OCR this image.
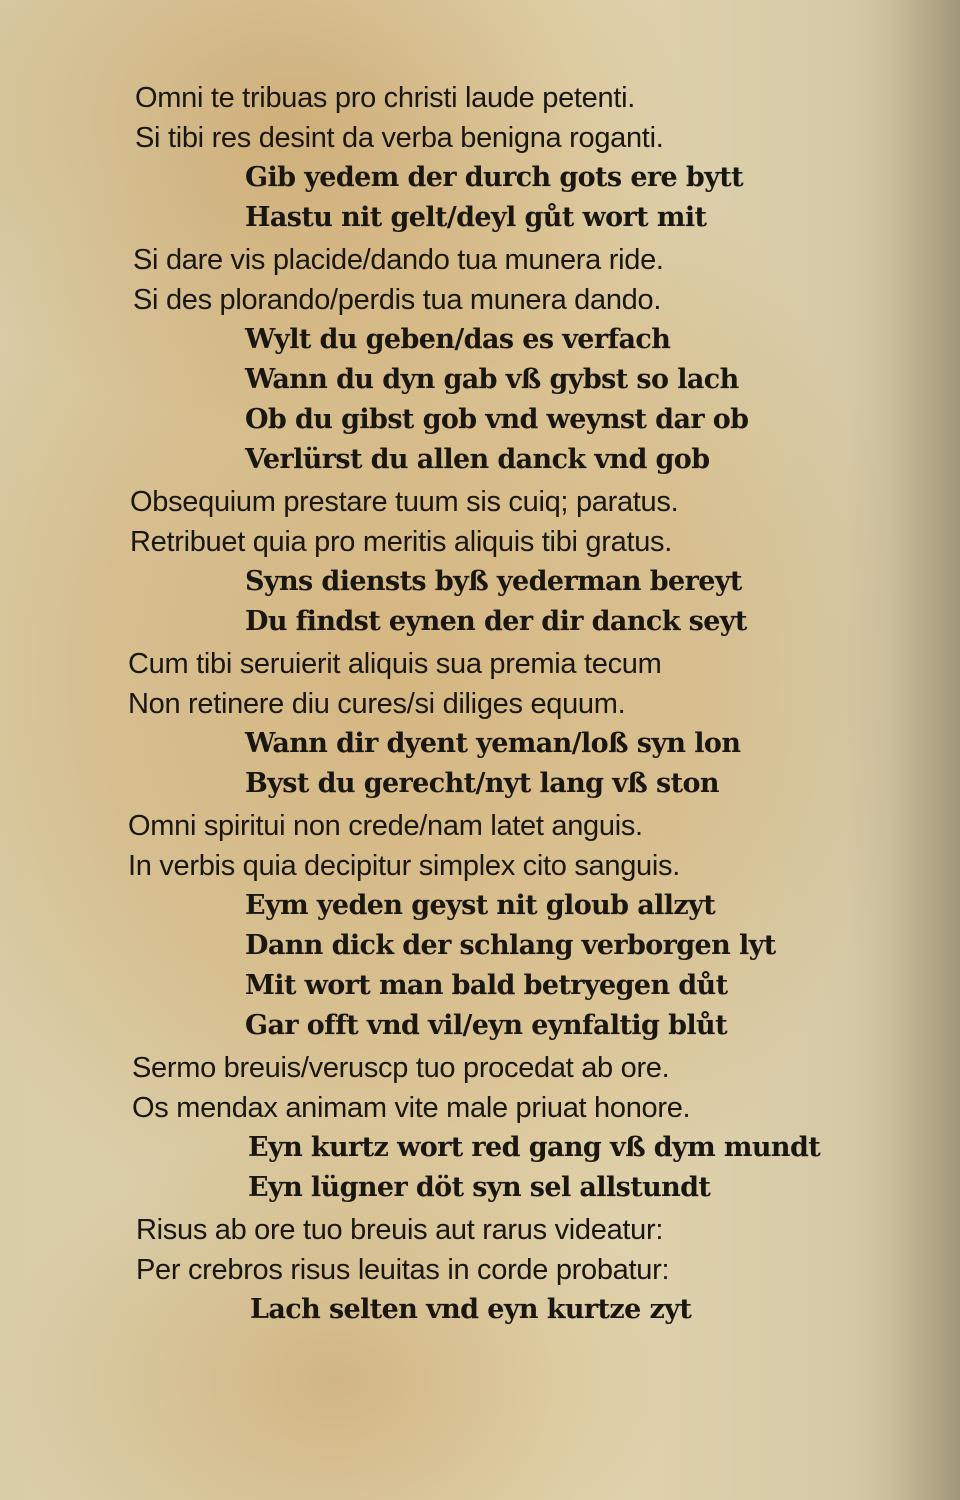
Omni te tribuas pro christi laude petenti.
Si tibi res desint da verba benigna roganti.
Gib yedem der durch gots ere bytt
Hastu nit gelt/deyl gůt wort mit
Si dare vis placide/dando tua munera ride.
Si des plorando/perdis tua munera dando.
Wylt du geben/das es verfach
Wann du dyn gab vß gybst so lach
Ob du gibst gob vnd weynst dar ob
Verlürst du allen danck vnd gob
Obsequium prestare tuum sis cuiq; paratus.
Retribuet quia pro meritis aliquis tibi gratus.
Syns diensts byß yederman bereyt
Du findst eynen der dir danck seyt
Cum tibi seruierit aliquis sua premia tecum
Non retinere diu cures/si diliges equum.
Wann dir dyent yeman/loß syn lon
Byst du gerecht/nyt lang vß ston
Omni spiritui non crede/nam latet anguis.
In verbis quia decipitur simplex cito sanguis.
Eym yeden geyst nit gloub allzyt
Dann dick der schlang verborgen lyt
Mit wort man bald betryegen důt
Gar offt vnd vil/eyn eynfaltig blůt
Sermo breuis/veruscp tuo procedat ab ore.
Os mendax animam vite male priuat honore.
Eyn kurtz wort red gang vß dym mundt
Eyn lügner döt syn sel allstundt
Risus ab ore tuo breuis aut rarus videatur:
Per crebros risus leuitas in corde probatur:
Lach selten vnd eyn kurtze zyt
